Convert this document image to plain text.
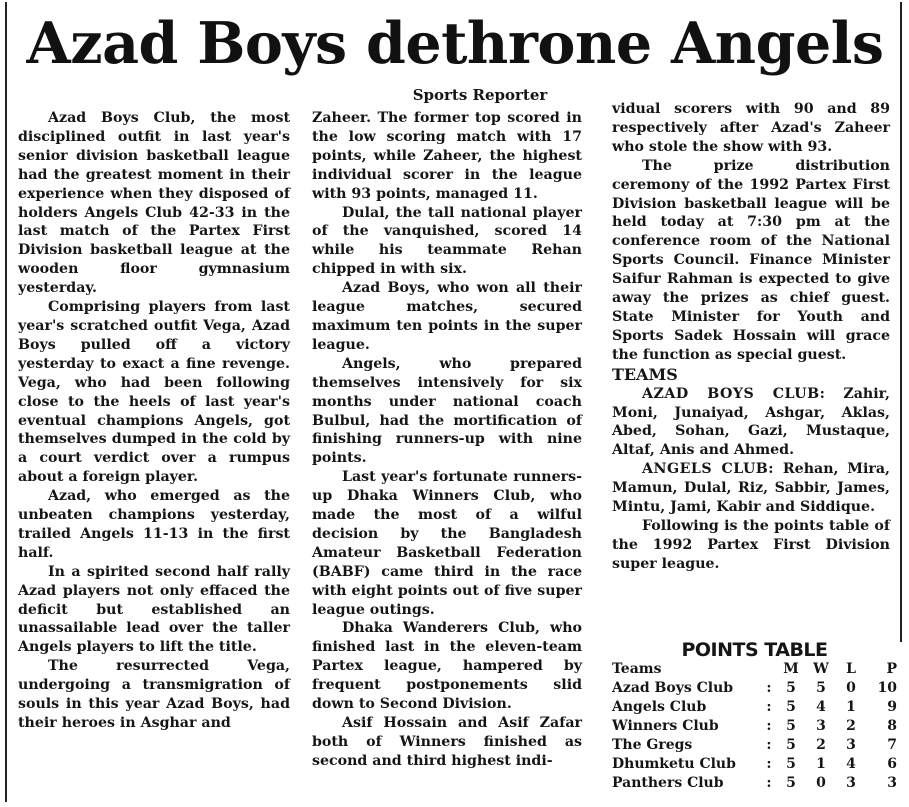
Azad Boys dethrone Angels
Sports Reporter

Azad Boys Club, the most disciplined outfit in last year's senior division basketball league had the greatest moment in their experience when they disposed of holders Angels Club 42-33 in the last match of the Partex First Division basketball league at the wooden floor gymnasium yesterday.

Comprising players from last year's scratched outfit Vega, Azad Boys pulled off a victory yesterday to exact a fine revenge. Vega, who had been following close to the heels of last year's eventual champions Angels, got themselves dumped in the cold by a court verdict over a rumpus about a foreign player.

Azad, who emerged as the unbeaten champions yesterday, trailed Angels 11-13 in the first half.

In a spirited second half rally Azad players not only effaced the deficit but established an unassailable lead over the taller Angels players to lift the title.

The resurrected Vega, undergoing a transmigration of souls in this year Azad Boys, had their heroes in Asghar and

Zaheer. The former top scored in the low scoring match with 17 points, while Zaheer, the highest individual scorer in the league with 93 points, managed 11.

Dulal, the tall national player of the vanquished, scored 14 while his teammate Rehan chipped in with six.

Azad Boys, who won all their league matches, secured maximum ten points in the super league.

Angels, who prepared themselves intensively for six months under national coach Bulbul, had the mortification of finishing runners-up with nine points.

Last year's fortunate runners-up Dhaka Winners Club, who made the most of a wilful decision by the Bangladesh Amateur Basketball Federation (BABF) came third in the race with eight points out of five super league outings.

Dhaka Wanderers Club, who finished last in the eleven-team Partex league, hampered by frequent postponements slid down to Second Division.

Asif Hossain and Asif Zafar both of Winners finished as second and third highest indi-

vidual scorers with 90 and 89 respectively after Azad's Zaheer who stole the show with 93.

The prize distribution ceremony of the 1992 Partex First Division basketball league will be held today at 7:30 pm at the conference room of the National Sports Council. Finance Minister Saifur Rahman is expected to give away the prizes as chief guest. State Minister for Youth and Sports Sadek Hossain will grace the function as special guest.

TEAMS

AZAD BOYS CLUB: Zahir, Moni, Junaiyad, Ashgar, Aklas, Abed, Sohan, Gazi, Mustaque, Altaf, Anis and Ahmed.

ANGELS CLUB: Rehan, Mira, Mamun, Dulal, Riz, Sabbir, James, Mintu, Jami, Kabir and Siddique.

Following is the points table of the 1992 Partex First Division super league.

POINTS TABLE
Teams		M	W	L	P
Azad Boys Club	:	5	5	0	10
Angels Club	:	5	4	1	9
Winners Club	:	5	3	2	8
The Gregs	:	5	2	3	7
Dhumketu Club	:	5	1	4	6
Panthers Club	:	5	0	3	3
